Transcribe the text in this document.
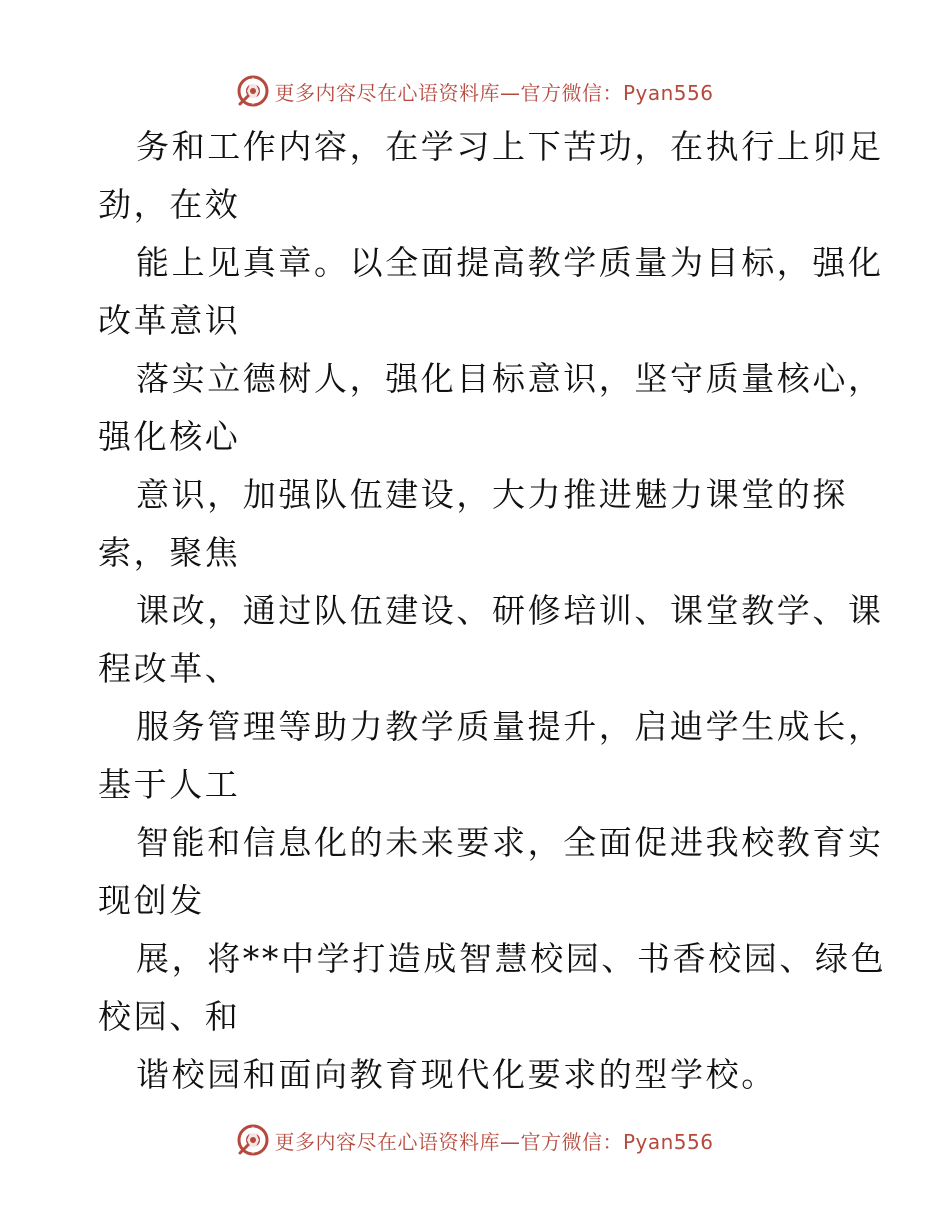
更多内容尽在心语资料库—官方微信：Pyan556
务和工作内容，在学习上下苦功，在执行上卯足
劲，在效
能上见真章。以全面提高教学质量为目标，强化
改革意识
落实立德树人，强化目标意识，坚守质量核心，
强化核心
意识，加强队伍建设，大力推进魅力课堂的探
索，聚焦
课改，通过队伍建设、研修培训、课堂教学、课
程改革、
服务管理等助力教学质量提升，启迪学生成长，
基于人工
智能和信息化的未来要求，全面促进我校教育实
现创发
展，将**中学打造成智慧校园、书香校园、绿色
校园、和
谐校园和面向教育现代化要求的型学校。
更多内容尽在心语资料库—官方微信：Pyan556
